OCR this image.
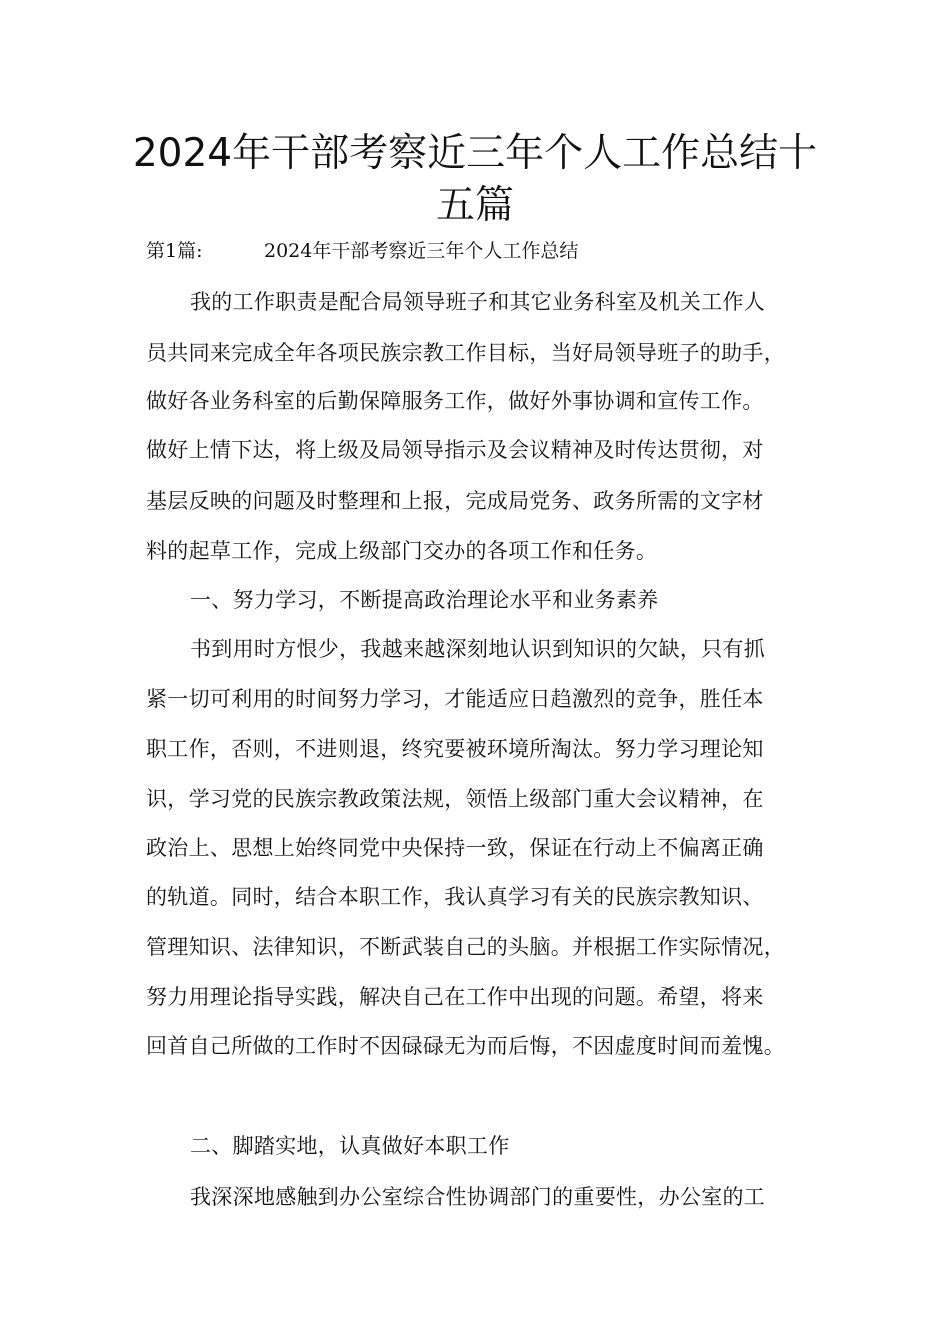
2024年干部考察近三年个人工作总结十
五篇
第1篇:	2024年干部考察近三年个人工作总结
我的工作职责是配合局领导班子和其它业务科室及机关工作人
员共同来完成全年各项民族宗教工作目标，当好局领导班子的助手，
做好各业务科室的后勤保障服务工作，做好外事协调和宣传工作。
做好上情下达，将上级及局领导指示及会议精神及时传达贯彻，对
基层反映的问题及时整理和上报，完成局党务、政务所需的文字材
料的起草工作，完成上级部门交办的各项工作和任务。
一、努力学习，不断提高政治理论水平和业务素养
书到用时方恨少，我越来越深刻地认识到知识的欠缺，只有抓
紧一切可利用的时间努力学习，才能适应日趋激烈的竞争，胜任本
职工作，否则，不进则退，终究要被环境所淘汰。努力学习理论知
识，学习党的民族宗教政策法规，领悟上级部门重大会议精神，在
政治上、思想上始终同党中央保持一致，保证在行动上不偏离正确
的轨道。同时，结合本职工作，我认真学习有关的民族宗教知识、
管理知识、法律知识，不断武装自己的头脑。并根据工作实际情况，
努力用理论指导实践，解决自己在工作中出现的问题。希望，将来
回首自己所做的工作时不因碌碌无为而后悔，不因虚度时间而羞愧。
二、脚踏实地，认真做好本职工作
我深深地感触到办公室综合性协调部门的重要性，办公室的工
